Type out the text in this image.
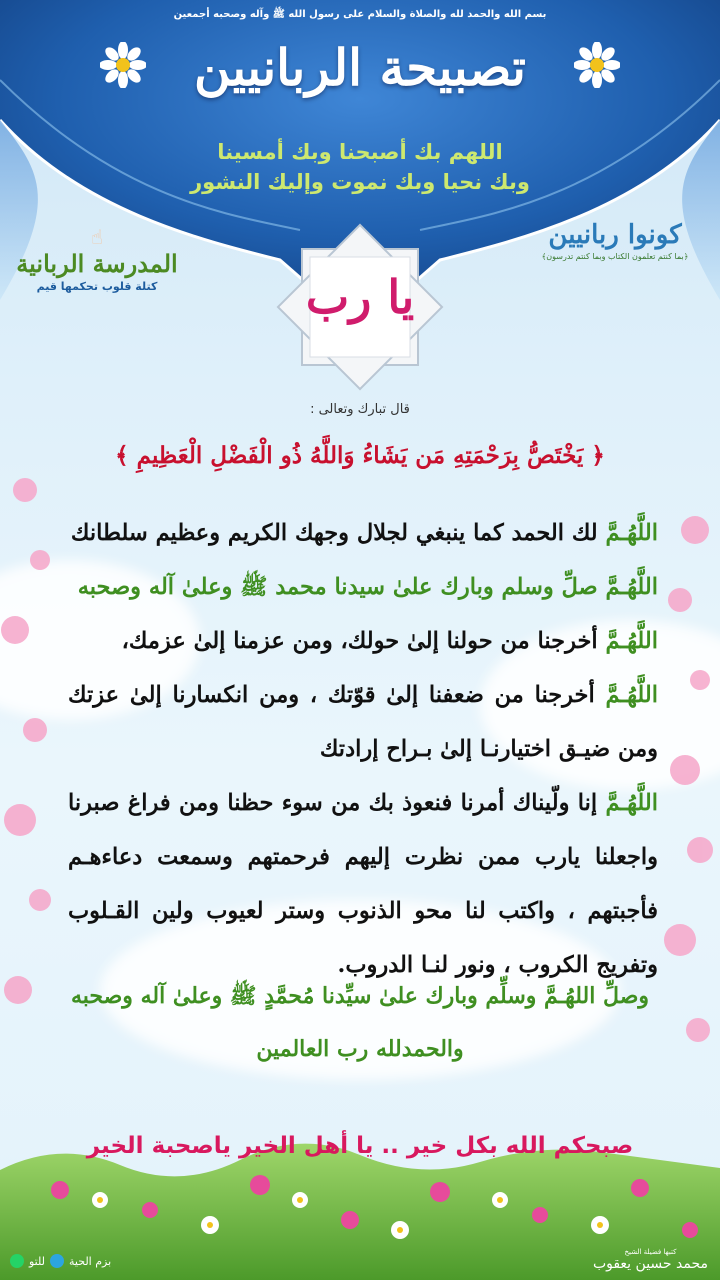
بسم الله والحمد لله والصلاة والسلام على رسول الله ﷺ وآله وصحبه أجمعين
تصبيحة الربانيين
اللهم بك أصبحنا وبك أمسينا
وبك نحيا وبك نموت وإليك النشور
☝
المدرسة الربانية
كتلة قلوب تحكمها قيم
كونوا ربانيين
﴿بما كنتم تعلمون الكتاب وبما كنتم تدرسون﴾
يا رب
قال تبارك وتعالى :
﴿ يَخْتَصُّ بِرَحْمَتِهِ مَن يَشَاءُ وَاللَّهُ ذُو الْفَضْلِ الْعَظِيمِ ﴾

اللَّهُـمَّ لك الحمد كما ينبغي لجلال وجهك الكريم وعظيم سلطانك

اللَّهُـمَّ صلِّ وسلم وبارك علىٰ سيدنا محمد ﷺ وعلىٰ آله وصحبه

اللَّهُـمَّ أخرجنا من حولنا إلىٰ حولك، ومن عزمنا إلىٰ عزمك،

اللَّهُـمَّ أخرجنا من ضعفنا إلىٰ قوّتك ، ومن انكسارنا إلىٰ عزتك ومن ضيـق اختيارنـا إلىٰ بـراح إرادتك

اللَّهُـمَّ إنا ولّيناك أمرنا فنعوذ بك من سوء حظنا ومن فراغ صبرنا واجعلنا يارب ممن نظرت إليهم فرحمتهم وسمعت دعاءهـم فأجبتهم ، واكتب لنا محو الذنوب وستر لعيوب ولين القـلوب وتفريج الكروب ، ونور لنـا الدروب.

وصلِّ اللهُـمَّ وسلِّم وبارك علىٰ سيِّدنا مُحمَّدٍ ﷺ وعلىٰ آله وصحبه
والحمدلله رب العالمين
صبحكم الله بكل خير .. يا أهل الخير ياصحبة الخير
للتو بزم الحية
كتبها فضيلة الشيخ
محمد حسين يعقوب
